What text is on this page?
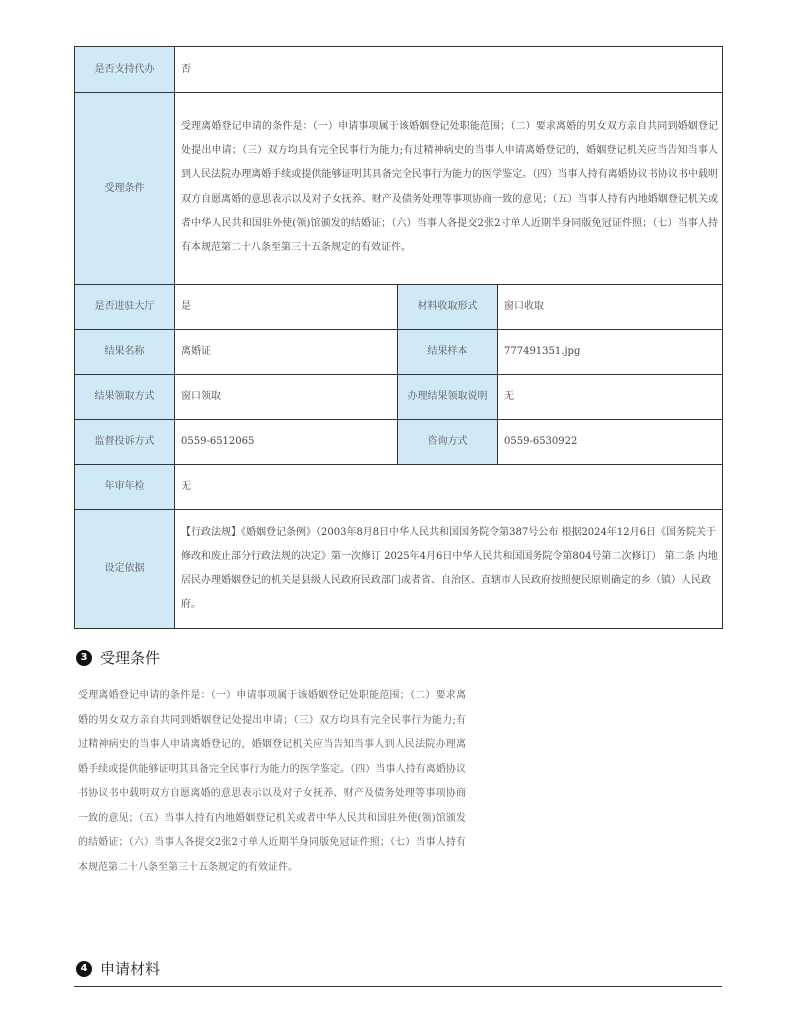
是否支持代办	否		
受理条件	受理离婚登记申请的条件是：（一）申请事项属于该婚姻登记处职能范围；（二）要求离婚的男女双方亲自共同到婚姻登记处提出申请；（三）双方均具有完全民事行为能力;有过精神病史的当事人申请离婚登记的，婚姻登记机关应当告知当事人到人民法院办理离婚手续或提供能够证明其具备完全民事行为能力的医学鉴定。（四）当事人持有离婚协议书协议书中载明双方自愿离婚的意思表示以及对子女抚养、财产及债务处理等事项协商一致的意见；（五）当事人持有内地婚姻登记机关或者中华人民共和国驻外使(领)馆颁发的结婚证；（六）当事人各提交2张2寸单人近期半身同版免冠证件照；（七）当事人持有本规范第二十八条至第三十五条规定的有效证件。		
是否进驻大厅	是	材料收取形式	窗口收取
结果名称	离婚证	结果样本	777491351.jpg
结果领取方式	窗口领取	办理结果领取说明	无
监督投诉方式	0559-6512065	咨询方式	0559-6530922
年审年检	无		
设定依据	【行政法规】《婚姻登记条例》（2003年8月8日中华人民共和国国务院令第387号公布 根据2024年12月6日《国务院关于修改和废止部分行政法规的决定》第一次修订 2025年4月6日中华人民共和国国务院令第804号第二次修订） 第二条 内地居民办理婚姻登记的机关是县级人民政府民政部门或者省、自治区、直辖市人民政府按照便民原则确定的乡（镇）人民政府。		
3 受理条件

受理离婚登记申请的条件是：（一）申请事项属于该婚姻登记处职能范围；（二）要求离婚的男女双方亲自共同到婚姻登记处提出申请；（三）双方均具有完全民事行为能力;有过精神病史的当事人申请离婚登记的，婚姻登记机关应当告知当事人到人民法院办理离婚手续或提供能够证明其具备完全民事行为能力的医学鉴定。（四）当事人持有离婚协议书协议书中载明双方自愿离婚的意思表示以及对子女抚养、财产及债务处理等事项协商一致的意见；（五）当事人持有内地婚姻登记机关或者中华人民共和国驻外使(领)馆颁发的结婚证；（六）当事人各提交2张2寸单人近期半身同版免冠证件照；（七）当事人持有本规范第二十八条至第三十五条规定的有效证件。

4 申请材料
